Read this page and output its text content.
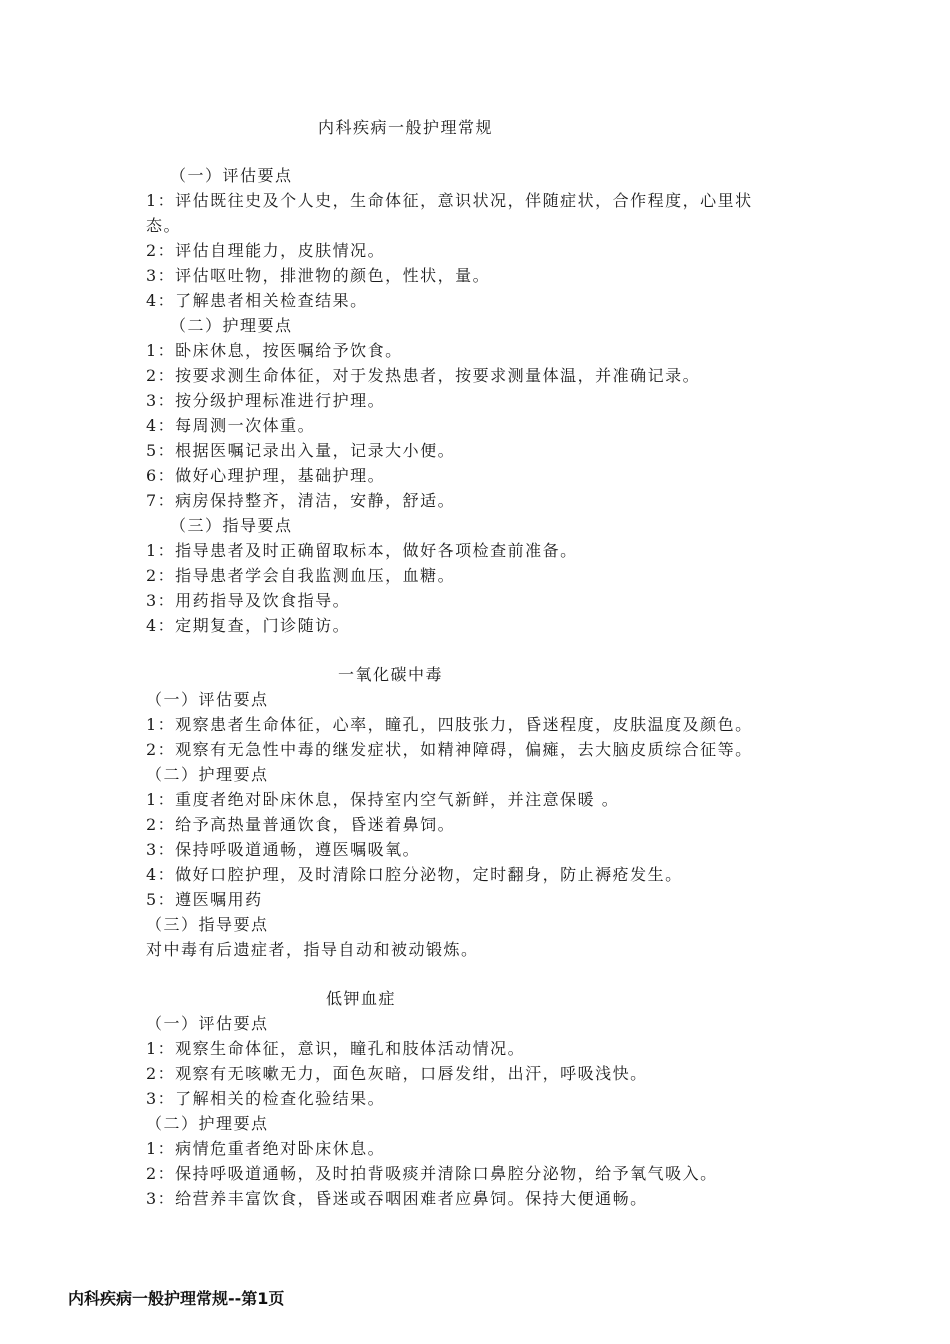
内科疾病一般护理常规
（一）评估要点
1：评估既往史及个人史，生命体征，意识状况，伴随症状，合作程度，心里状
态。
2：评估自理能力，皮肤情况。
3：评估呕吐物，排泄物的颜色，性状，量。
4：了解患者相关检查结果。
（二）护理要点
1：卧床休息，按医嘱给予饮食。
2：按要求测生命体征，对于发热患者，按要求测量体温，并准确记录。
3：按分级护理标准进行护理。
4：每周测一次体重。
5：根据医嘱记录出入量，记录大小便。
6：做好心理护理，基础护理。
7：病房保持整齐，清洁，安静，舒适。
（三）指导要点
1：指导患者及时正确留取标本，做好各项检查前准备。
2：指导患者学会自我监测血压，血糖。
3：用药指导及饮食指导。
4：定期复查，门诊随访。
一氧化碳中毒
（一）评估要点
1：观察患者生命体征，心率，瞳孔，四肢张力，昏迷程度，皮肤温度及颜色。
2：观察有无急性中毒的继发症状，如精神障碍，偏瘫，去大脑皮质综合征等。
（二）护理要点
1：重度者绝对卧床休息，保持室内空气新鲜，并注意保暖 。
2：给予高热量普通饮食，昏迷着鼻饲。
3：保持呼吸道通畅，遵医嘱吸氧。
4：做好口腔护理，及时清除口腔分泌物，定时翻身，防止褥疮发生。
5：遵医嘱用药
（三）指导要点
对中毒有后遗症者，指导自动和被动锻炼。
低钾血症
（一）评估要点
1：观察生命体征，意识，瞳孔和肢体活动情况。
2：观察有无咳嗽无力，面色灰暗，口唇发绀，出汗，呼吸浅快。
3：了解相关的检查化验结果。
（二）护理要点
1：病情危重者绝对卧床休息。
2：保持呼吸道通畅，及时拍背吸痰并清除口鼻腔分泌物，给予氧气吸入。
3：给营养丰富饮食，昏迷或吞咽困难者应鼻饲。保持大便通畅。
内科疾病一般护理常规--第1页
